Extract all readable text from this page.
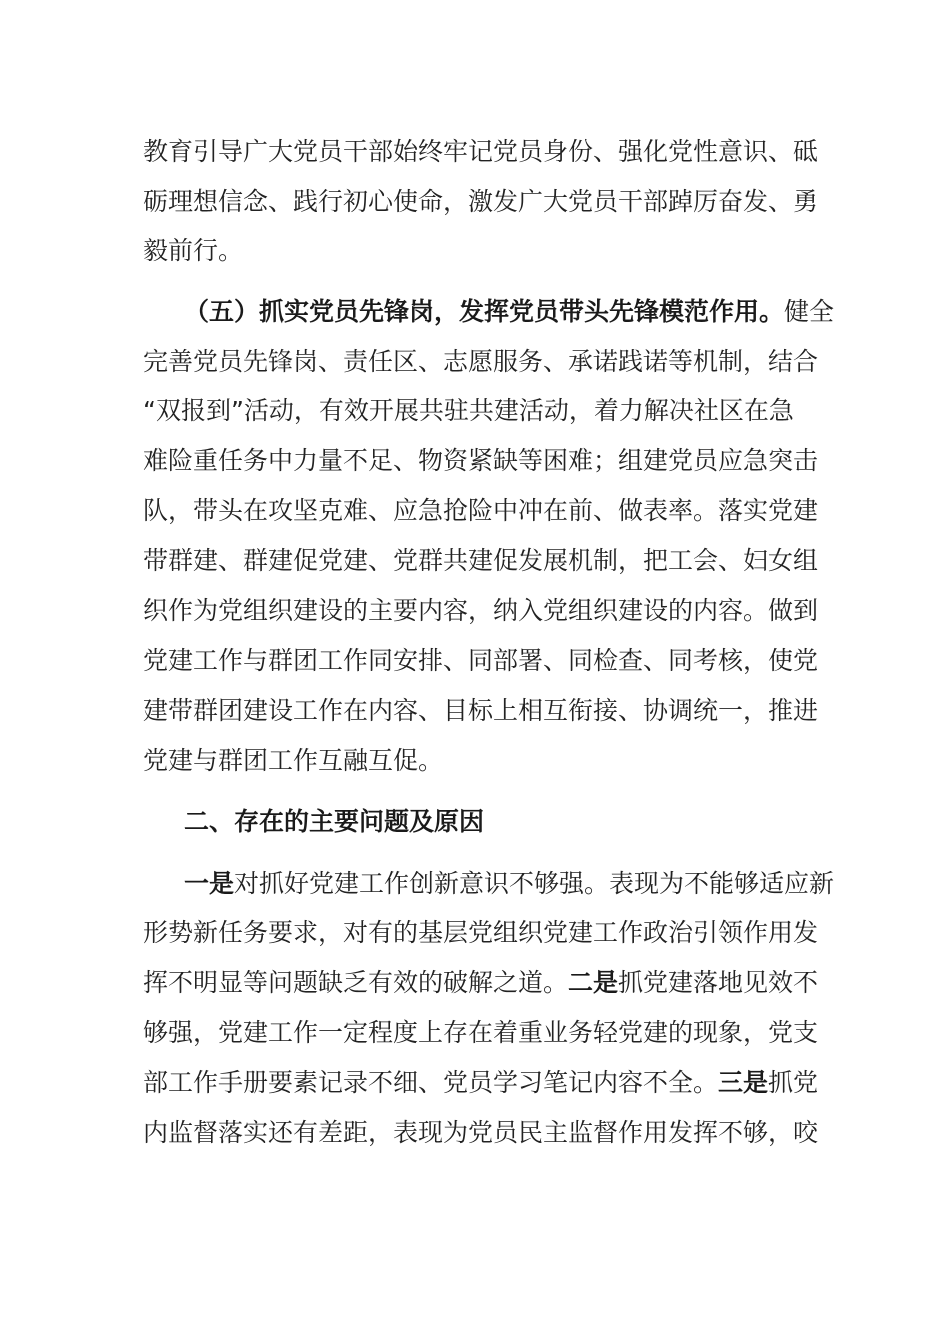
教育引导广大党员干部始终牢记党员身份、强化党性意识、砥
砺理想信念、践行初心使命，激发广大党员干部踔厉奋发、勇
毅前行。
（五）抓实党员先锋岗，发挥党员带头先锋模范作用。健全
完善党员先锋岗、责任区、志愿服务、承诺践诺等机制，结合
“双报到”活动，有效开展共驻共建活动，着力解决社区在急
难险重任务中力量不足、物资紧缺等困难；组建党员应急突击
队，带头在攻坚克难、应急抢险中冲在前、做表率。落实党建
带群建、群建促党建、党群共建促发展机制，把工会、妇女组
织作为党组织建设的主要内容，纳入党组织建设的内容。做到
党建工作与群团工作同安排、同部署、同检查、同考核，使党
建带群团建设工作在内容、目标上相互衔接、协调统一，推进
党建与群团工作互融互促。
二、存在的主要问题及原因
一是对抓好党建工作创新意识不够强。表现为不能够适应新
形势新任务要求，对有的基层党组织党建工作政治引领作用发
挥不明显等问题缺乏有效的破解之道。二是抓党建落地见效不
够强，党建工作一定程度上存在着重业务轻党建的现象，党支
部工作手册要素记录不细、党员学习笔记内容不全。三是抓党
内监督落实还有差距，表现为党员民主监督作用发挥不够，咬
